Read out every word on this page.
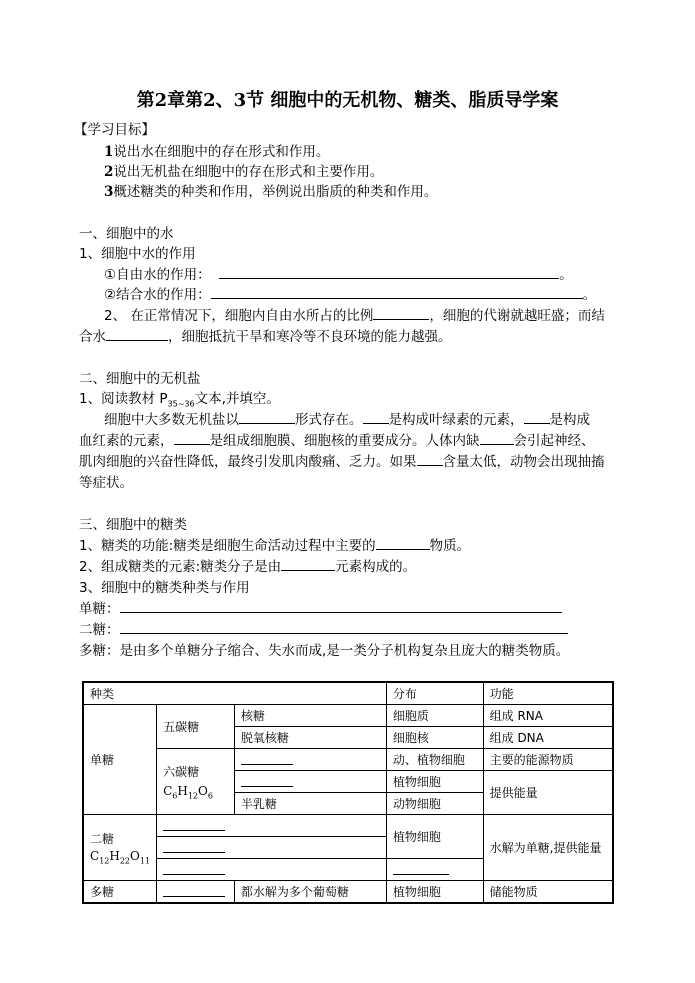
第2章第2、3节 细胞中的无机物、糖类、脂质导学案
【学习目标】
1说出水在细胞中的存在形式和作用。
2说出无机盐在细胞中的存在形式和主要作用。
3概述糖类的种类和作用，举例说出脂质的种类和作用。
一、细胞中的水
1、细胞中水的作用
①自由水的作用：	。
②结合水的作用：	。
2、 在正常情况下，细胞内自由水所占的比例	，细胞的代谢就越旺盛；而结
合水	，细胞抵抗干旱和寒冷等不良环境的能力越强。
二、细胞中的无机盐
1、阅读教材 $P_{35\sim 36}$文本,并填空。
细胞中大多数无机盐以	形式存在。 是构成叶绿素的元素， 是构成
血红素的元素，	是组成细胞膜、细胞核的重要成分。人体内缺	会引起神经、
肌肉细胞的兴奋性降低，最终引发肌肉酸痛、乏力。如果 含量太低，动物会出现抽搐
等症状。
三、细胞中的糖类
1、糖类的功能:糖类是细胞生命活动过程中主要的	物质。
2、组成糖类的元素:糖类分子是由	元素构成的。
3、细胞中的糖类种类与作用
单糖：
二糖：
多糖：是由多个单糖分子缩合、失水而成,是一类分子机构复杂且庞大的糖类物质。
种类			分布	功能
单糖	五碳糖	核糖	细胞质	组成 RNA
		脱氧核糖	细胞核	组成 DNA

	六碳糖
$C_6H_{12}O_6$		动、植物细胞	主要的能源物质

			植物细胞	提供能量
		半乳糖	动物细胞	

二糖
$C_{12}H_{22}O_{11}$			植物细胞	水解为单糖,提供能量

多糖		都水解为多个葡萄糖	植物细胞	储能物质
